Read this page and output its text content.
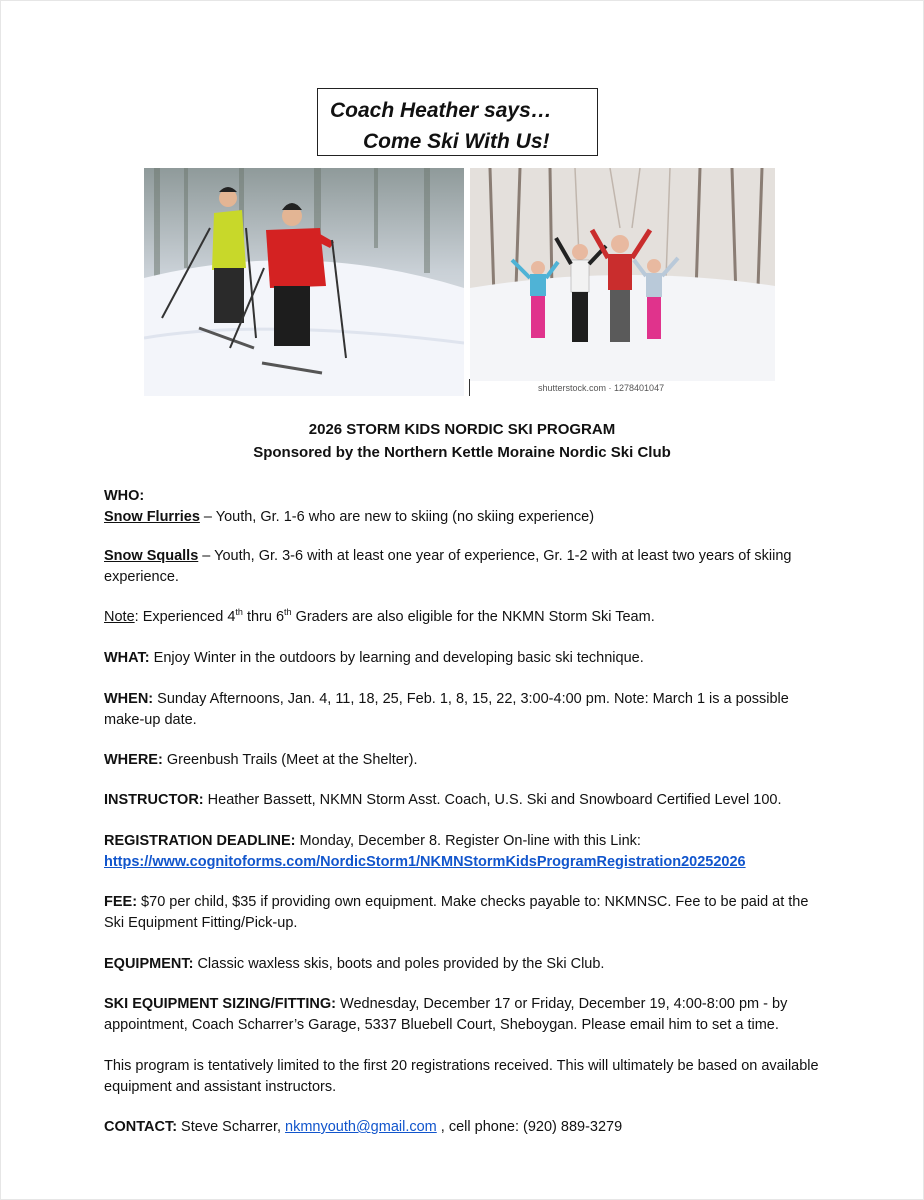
Coach Heather says…
Come Ski With Us!
shutterstock.com · 1278401047
2026 STORM KIDS NORDIC SKI PROGRAM
Sponsored by the Northern Kettle Moraine Nordic Ski Club
WHO:
Snow Flurries – Youth, Gr. 1-6 who are new to skiing (no skiing experience)
Snow Squalls – Youth, Gr. 3-6 with at least one year of experience, Gr. 1-2 with at least two years of skiing experience.
Note: Experienced 4th thru 6th Graders are also eligible for the NKMN Storm Ski Team.
WHAT: Enjoy Winter in the outdoors by learning and developing basic ski technique.
WHEN: Sunday Afternoons, Jan. 4, 11, 18, 25, Feb. 1, 8, 15, 22, 3:00-4:00 pm. Note: March 1 is a possible make-up date.
WHERE: Greenbush Trails (Meet at the Shelter).
INSTRUCTOR: Heather Bassett, NKMN Storm Asst. Coach, U.S. Ski and Snowboard Certified Level 100.
REGISTRATION DEADLINE: Monday, December 8. Register On-line with this Link:
https://www.cognitoforms.com/NordicStorm1/NKMNStormKidsProgramRegistration20252026
FEE: $70 per child, $35 if providing own equipment. Make checks payable to: NKMNSC. Fee to be paid at the Ski Equipment Fitting/Pick-up.
EQUIPMENT: Classic waxless skis, boots and poles provided by the Ski Club.
SKI EQUIPMENT SIZING/FITTING: Wednesday, December 17 or Friday, December 19, 4:00-8:00 pm - by appointment, Coach Scharrer’s Garage, 5337 Bluebell Court, Sheboygan. Please email him to set a time.
This program is tentatively limited to the first 20 registrations received. This will ultimately be based on available equipment and assistant instructors.
CONTACT: Steve Scharrer, nkmnyouth@gmail.com , cell phone: (920) 889-3279
